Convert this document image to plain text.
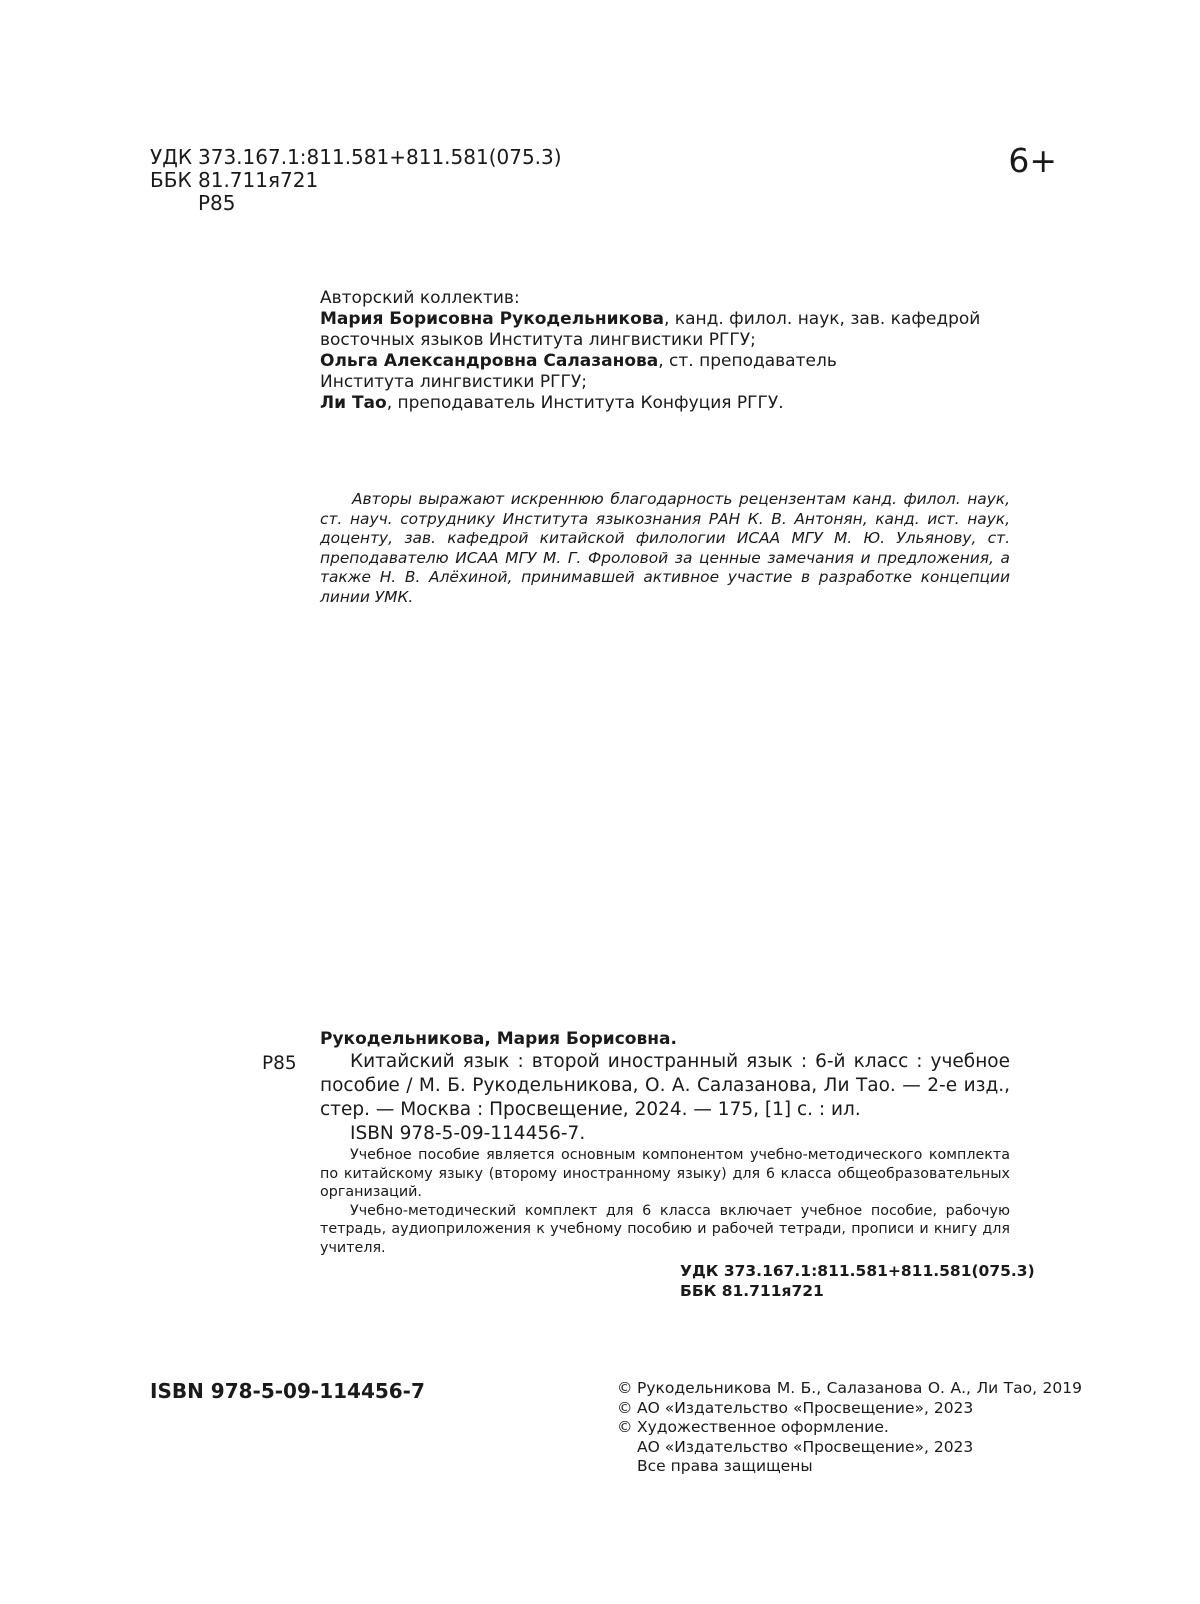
УДК 373.167.1:811.581+811.581(075.3)
ББК 81.711я721
Р85
6+
Авторский коллектив:
Мария Борисовна Рукодельникова, канд. филол. наук, зав. кафедрой
восточных языков Института лингвистики РГГУ;
Ольга Александровна Салазанова, ст. преподаватель
Института лингвистики РГГУ;
Ли Тао, преподаватель Института Конфуция РГГУ.
Авторы выражают искреннюю благодарность рецензентам канд. филол. наук, ст. науч. сотруднику Института языкознания РАН К. В. Антонян, канд. ист. наук, доценту, зав. кафедрой китайской филологии ИСАА МГУ М. Ю. Ульянову, ст. преподавателю ИСАА МГУ М. Г. Фроловой за ценные замечания и предложения, а также Н. В. Алёхиной, принимавшей активное участие в разработке концепции линии УМК.
Р85
Рукодельникова, Мария Борисовна.
Китайский язык : второй иностранный язык : 6-й класс : учебное пособие / М. Б. Рукодельникова, О. А. Салазанова, Ли Тао. — 2-е изд., стер. — Москва : Просвещение, 2024. — 175, [1] с. : ил.
ISBN 978-5-09-114456-7.
Учебное пособие является основным компонентом учебно-методического комплекта по китайскому языку (второму иностранному языку) для 6 класса общеобразовательных организаций.
Учебно-методический комплект для 6 класса включает учебное пособие, рабочую тетрадь, аудиоприложения к учебному пособию и рабочей тетради, прописи и книгу для учителя.
УДК 373.167.1:811.581+811.581(075.3)
ББК 81.711я721
ISBN 978-5-09-114456-7	© Рукодельникова М. Б., Салазанова О. А., Ли Тао, 2019
© АО «Издательство «Просвещение», 2023
© Художественное оформление.
АО «Издательство «Просвещение», 2023
Все права защищены
